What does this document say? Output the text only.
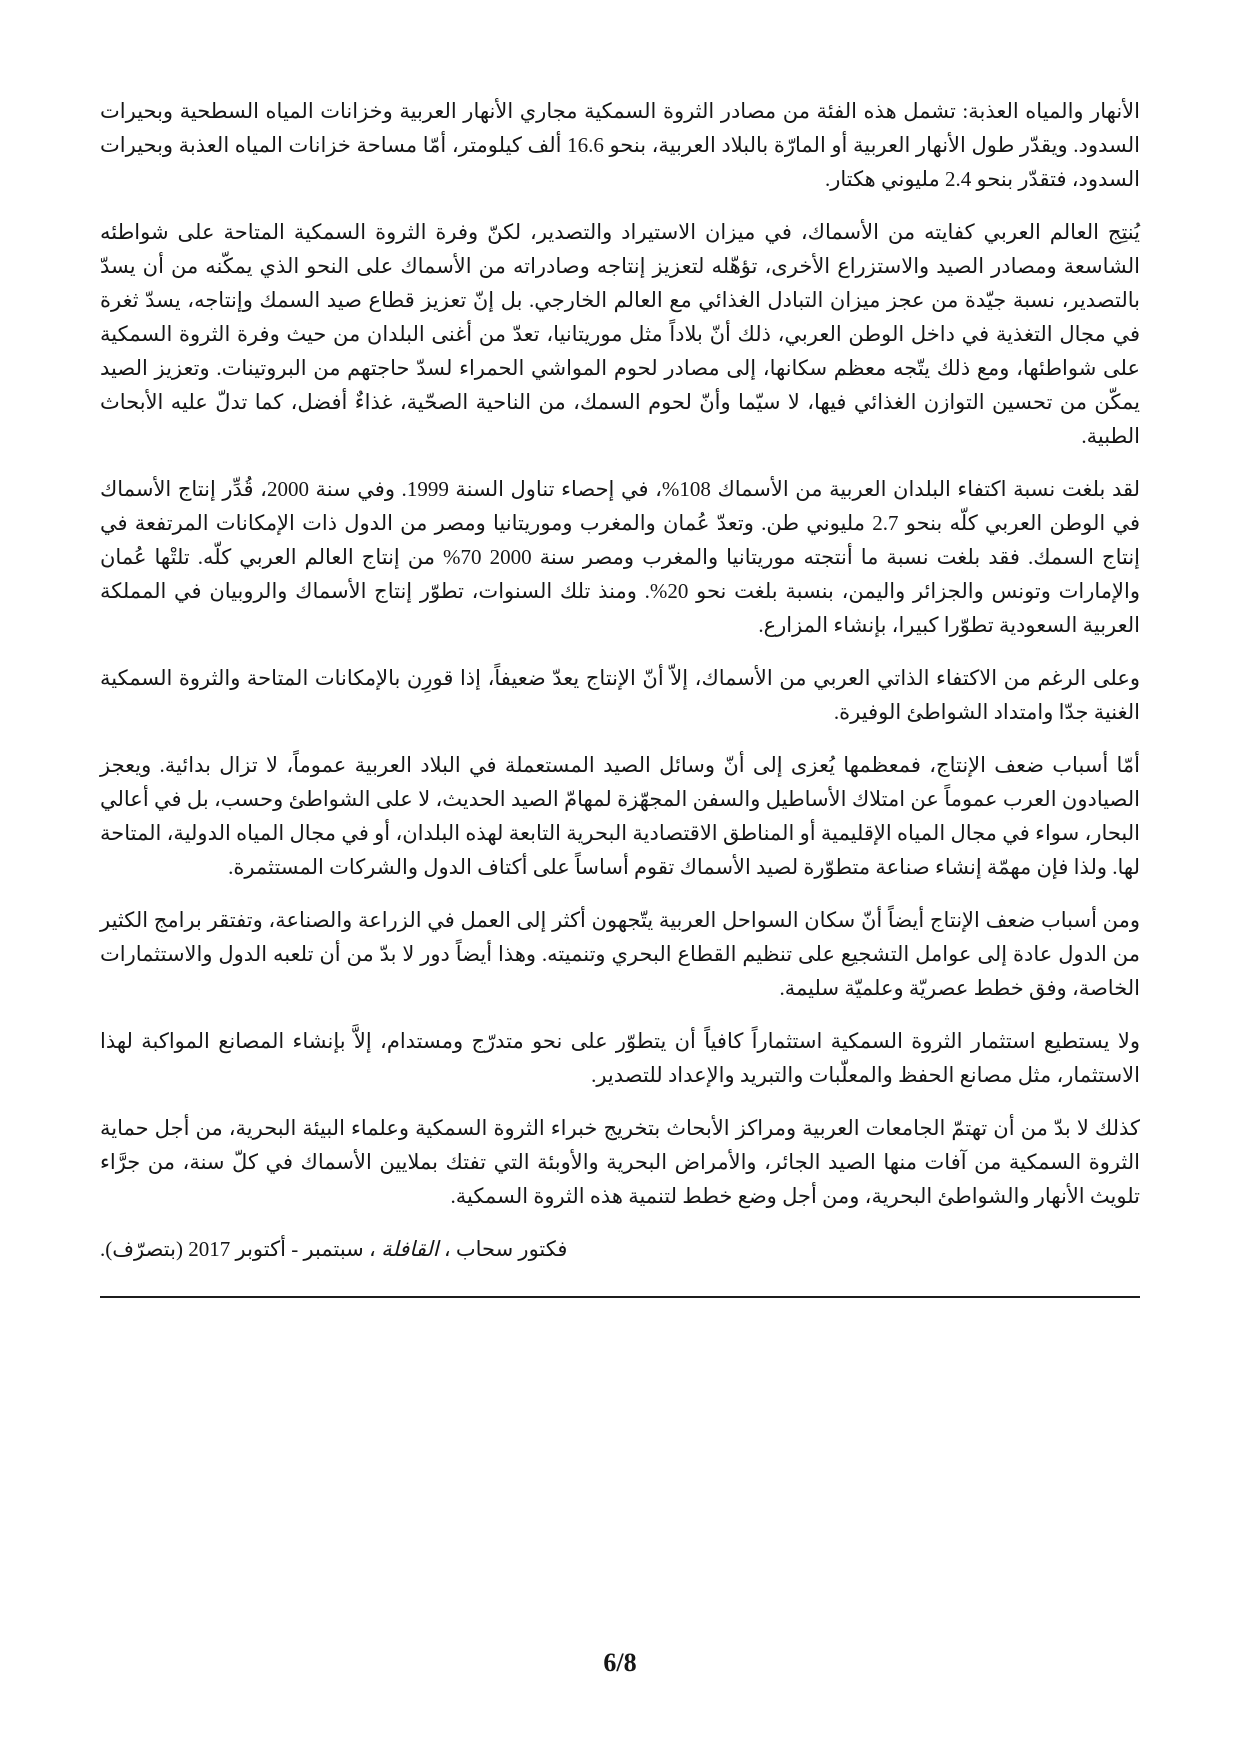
الأنهار والمياه العذبة: تشمل هذه الفئة من مصادر الثروة السمكية مجاري الأنهار العربية وخزانات المياه السطحية وبحيرات السدود. ويقدّر طول الأنهار العربية أو المارّة بالبلاد العربية، بنحو 16.6 ألف كيلومتر، أمّا مساحة خزانات المياه العذبة وبحيرات السدود، فتقدّر بنحو 2.4 مليوني هكتار.

يُنتِج العالم العربي كفايته من الأسماك، في ميزان الاستيراد والتصدير، لكنّ وفرة الثروة السمكية المتاحة على شواطئه الشاسعة ومصادر الصيد والاستزراع الأخرى، تؤهّله لتعزيز إنتاجه وصادراته من الأسماك على النحو الذي يمكّنه من أن يسدّ بالتصدير، نسبة جيّدة من عجز ميزان التبادل الغذائي مع العالم الخارجي. بل إنّ تعزيز قطاع صيد السمك وإنتاجه، يسدّ ثغرة في مجال التغذية في داخل الوطن العربي، ذلك أنّ بلاداً مثل موريتانيا، تعدّ من أغنى البلدان من حيث وفرة الثروة السمكية على شواطئها، ومع ذلك يتّجه معظم سكانها، إلى مصادر لحوم المواشي الحمراء لسدّ حاجتهم من البروتينات. وتعزيز الصيد يمكّن من تحسين التوازن الغذائي فيها، لا سيّما وأنّ لحوم السمك، من الناحية الصحّية، غذاءٌ أفضل، كما تدلّ عليه الأبحاث الطبية.

لقد بلغت نسبة اكتفاء البلدان العربية من الأسماك 108%، في إحصاء تناول السنة 1999. وفي سنة 2000، قُدِّر إنتاج الأسماك في الوطن العربي كلّه بنحو 2.7 مليوني طن. وتعدّ عُمان والمغرب وموريتانيا ومصر من الدول ذات الإمكانات المرتفعة في إنتاج السمك. فقد بلغت نسبة ما أنتجته موريتانيا والمغرب ومصر سنة 2000 70% من إنتاج العالم العربي كلّه. تلتْها عُمان والإمارات وتونس والجزائر واليمن، بنسبة بلغت نحو 20%. ومنذ تلك السنوات، تطوّر إنتاج الأسماك والروبيان في المملكة العربية السعودية تطوّرا كبيرا، بإنشاء المزارع.

وعلى الرغم من الاكتفاء الذاتي العربي من الأسماك، إلاّ أنّ الإنتاج يعدّ ضعيفاً، إذا قورِن بالإمكانات المتاحة والثروة السمكية الغنية جدّا وامتداد الشواطئ الوفيرة.

أمّا أسباب ضعف الإنتاج، فمعظمها يُعزى إلى أنّ وسائل الصيد المستعملة في البلاد العربية عموماً، لا تزال بدائية. ويعجز الصيادون العرب عموماً عن امتلاك الأساطيل والسفن المجهّزة لمهامّ الصيد الحديث، لا على الشواطئ وحسب، بل في أعالي البحار، سواء في مجال المياه الإقليمية أو المناطق الاقتصادية البحرية التابعة لهذه البلدان، أو في مجال المياه الدولية، المتاحة لها. ولذا فإن مهمّة إنشاء صناعة متطوّرة لصيد الأسماك تقوم أساساً على أكتاف الدول والشركات المستثمرة.

ومن أسباب ضعف الإنتاج أيضاً أنّ سكان السواحل العربية يتّجهون أكثر إلى العمل في الزراعة والصناعة، وتفتقر برامج الكثير من الدول عادة إلى عوامل التشجيع على تنظيم القطاع البحري وتنميته. وهذا أيضاً دور لا بدّ من أن تلعبه الدول والاستثمارات الخاصة، وفق خطط عصريّة وعلميّة سليمة.

ولا يستطيع استثمار الثروة السمكية استثماراً كافياً أن يتطوّر على نحو متدرّج ومستدام، إلاَّ بإنشاء المصانع المواكبة لهذا الاستثمار، مثل مصانع الحفظ والمعلّبات والتبريد والإعداد للتصدير.

كذلك لا بدّ من أن تهتمّ الجامعات العربية ومراكز الأبحاث بتخريج خبراء الثروة السمكية وعلماء البيئة البحرية، من أجل حماية الثروة السمكية من آفات منها الصيد الجائر، والأمراض البحرية والأوبئة التي تفتك بملايين الأسماك في كلّ سنة، من جرَّاء تلويث الأنهار والشواطئ البحرية، ومن أجل وضع خطط لتنمية هذه الثروة السمكية.

فكتور سحاب ، القافلة ، سبتمبر - أكتوبر 2017 (بتصرّف).

6/8
